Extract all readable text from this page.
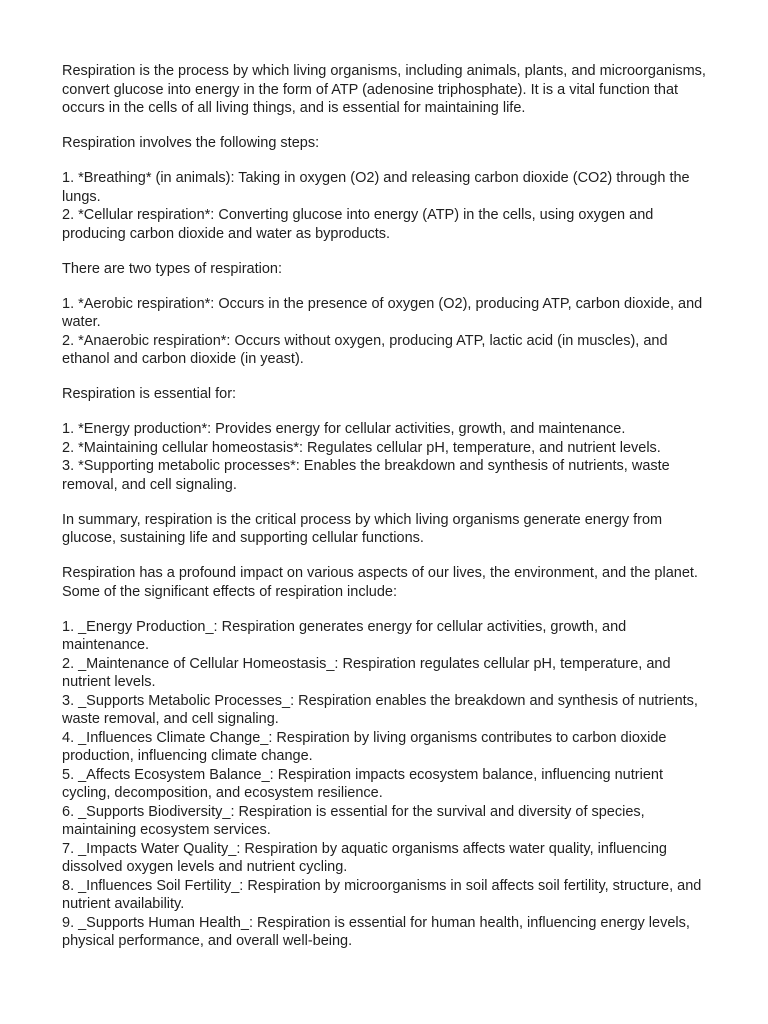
Respiration is the process by which living organisms, including animals, plants, and microorganisms, convert glucose into energy in the form of ATP (adenosine triphosphate). It is a vital function that occurs in the cells of all living things, and is essential for maintaining life.

Respiration involves the following steps:

1. *Breathing* (in animals): Taking in oxygen (O2) and releasing carbon dioxide (CO2) through the lungs.
2. *Cellular respiration*: Converting glucose into energy (ATP) in the cells, using oxygen and producing carbon dioxide and water as byproducts.

There are two types of respiration:

1. *Aerobic respiration*: Occurs in the presence of oxygen (O2), producing ATP, carbon dioxide, and water.
2. *Anaerobic respiration*: Occurs without oxygen, producing ATP, lactic acid (in muscles), and ethanol and carbon dioxide (in yeast).

Respiration is essential for:

1. *Energy production*: Provides energy for cellular activities, growth, and maintenance.
2. *Maintaining cellular homeostasis*: Regulates cellular pH, temperature, and nutrient levels.
3. *Supporting metabolic processes*: Enables the breakdown and synthesis of nutrients, waste removal, and cell signaling.

In summary, respiration is the critical process by which living organisms generate energy from glucose, sustaining life and supporting cellular functions.

Respiration has a profound impact on various aspects of our lives, the environment, and the planet. Some of the significant effects of respiration include:

1. _Energy Production_: Respiration generates energy for cellular activities, growth, and maintenance.
2. _Maintenance of Cellular Homeostasis_: Respiration regulates cellular pH, temperature, and nutrient levels.
3. _Supports Metabolic Processes_: Respiration enables the breakdown and synthesis of nutrients, waste removal, and cell signaling.
4. _Influences Climate Change_: Respiration by living organisms contributes to carbon dioxide production, influencing climate change.
5. _Affects Ecosystem Balance_: Respiration impacts ecosystem balance, influencing nutrient cycling, decomposition, and ecosystem resilience.
6. _Supports Biodiversity_: Respiration is essential for the survival and diversity of species, maintaining ecosystem services.
7. _Impacts Water Quality_: Respiration by aquatic organisms affects water quality, influencing dissolved oxygen levels and nutrient cycling.
8. _Influences Soil Fertility_: Respiration by microorganisms in soil affects soil fertility, structure, and nutrient availability.
9. _Supports Human Health_: Respiration is essential for human health, influencing energy levels, physical performance, and overall well-being.
